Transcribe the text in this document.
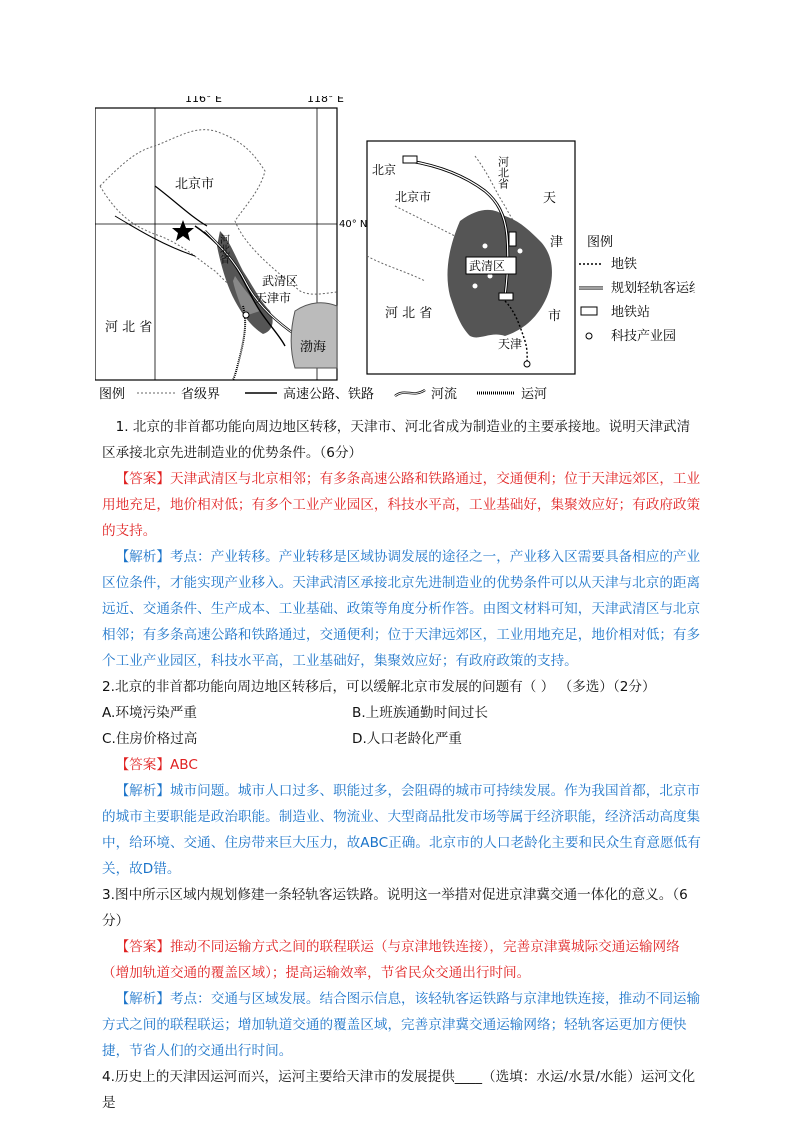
116° E	118° E
40° N
北京市
河北省
武清区
天津市
河 北 省
渤海
北京
北京市
河北省
天
津
市
武清区
河 北 省
天津
图例
地铁
规划轻轨客运线
地铁站
科技产业园
图例	省级界	高速公路、铁路	河流	运河

1. 北京的非首都功能向周边地区转移，天津市、河北省成为制造业的主要承接地。说明天津武清区承接北京先进制造业的优势条件。（6分）

【答案】天津武清区与北京相邻；有多条高速公路和铁路通过，交通便利；位于天津远郊区，工业用地充足，地价相对低；有多个工业产业园区，科技水平高，工业基础好，集聚效应好；有政府政策的支持。

【解析】考点：产业转移。产业转移是区域协调发展的途径之一，产业移入区需要具备相应的产业区位条件，才能实现产业移入。天津武清区承接北京先进制造业的优势条件可以从天津与北京的距离远近、交通条件、生产成本、工业基础、政策等角度分析作答。由图文材料可知，天津武清区与北京相邻；有多条高速公路和铁路通过，交通便利；位于天津远郊区，工业用地充足，地价相对低；有多个工业产业园区，科技水平高，工业基础好，集聚效应好；有政府政策的支持。

2.北京的非首都功能向周边地区转移后，可以缓解北京市发展的问题有（ ） （多选）（2分）

A.环境污染严重	B.上班族通勤时间过长
C.住房价格过高	D.人口老龄化严重

【答案】ABC

【解析】城市问题。城市人口过多、职能过多，会阻碍的城市可持续发展。作为我国首都，北京市的城市主要职能是政治职能。制造业、物流业、大型商品批发市场等属于经济职能，经济活动高度集中，给环境、交通、住房带来巨大压力，故ABC正确。北京市的人口老龄化主要和民众生育意愿低有关，故D错。

3.图中所示区域内规划修建一条轻轨客运铁路。说明这一举措对促进京津冀交通一体化的意义。（6分）

【答案】推动不同运输方式之间的联程联运（与京津地铁连接），完善京津冀城际交通运输网络（增加轨道交通的覆盖区域）；提高运输效率，节省民众交通出行时间。

【解析】考点：交通与区域发展。结合图示信息，该轻轨客运铁路与京津地铁连接，推动不同运输方式之间的联程联运；增加轨道交通的覆盖区域，完善京津冀交通运输网络；轻轨客运更加方便快捷，节省人们的交通出行时间。

4.历史上的天津因运河而兴，运河主要给天津市的发展提供____（选填：水运/水景/水能）运河文化是
